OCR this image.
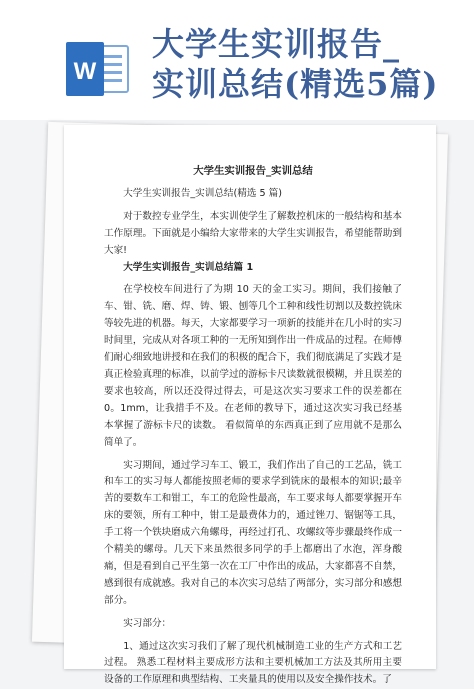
W
大学生实训报告_
实训总结(精选5篇)
大学生实训报告_实训总结

大学生实训报告_实训总结(精选 5 篇)

对于数控专业学生，本实训使学生了解数控机床的一般结构和基本工作原理。下面就是小编给大家带来的大学生实训报告，希望能帮助到大家!

大学生实训报告_实训总结篇 1

在学校校车间进行了为期 10 天的金工实习。期间，我们接触了车、钳、铣、磨、焊、铸、锻、刨等几个工种和线性切割以及数控铣床等较先进的机器。每天，大家都要学习一项新的技能并在几小时的实习时间里，完成从对各项工种的一无所知到作出一件成品的过程。在师傅们耐心细致地讲授和在我们的积极的配合下，我们彻底满足了实践才是真正检验真理的标准，以前学过的游标卡尺读数就很模糊，并且误差的要求也较高，所以还没得过得去，可是这次实习要求工件的误差都在 0。1mm，让我措手不及。在老师的教导下，通过这次实习我已经基本掌握了游标卡尺的读数。 看似简单的东西真正到了应用就不是那么简单了。

实习期间，通过学习车工、锻工，我们作出了自己的工艺品，铣工和车工的实习每人都能按照老师的要求学到铣床的最根本的知识;最辛苦的要数车工和钳工，车工的危险性最高，车工要求每人都要掌握开车床的要领，所有工种中，钳工是最费体力的，通过锉刀、锯锯等工具，手工将一个铁块磨成六角螺母，再经过打孔、攻螺纹等步骤最终作成一个精美的螺母。几天下来虽然很多同学的手上都磨出了水泡，浑身酸痛，但是看到自己平生第一次在工厂中作出的成品，大家都喜不自禁，感到很有成就感。我对自己的本次实习总结了两部分，实习部分和感想部分。

实习部分：

1、通过这次实习我们了解了现代机械制造工业的生产方式和工艺过程。 熟悉工程材料主要成形方法和主要机械加工方法及其所用主要设备的工作原理和典型结构、工夹量具的使用以及安全操作技术。了
